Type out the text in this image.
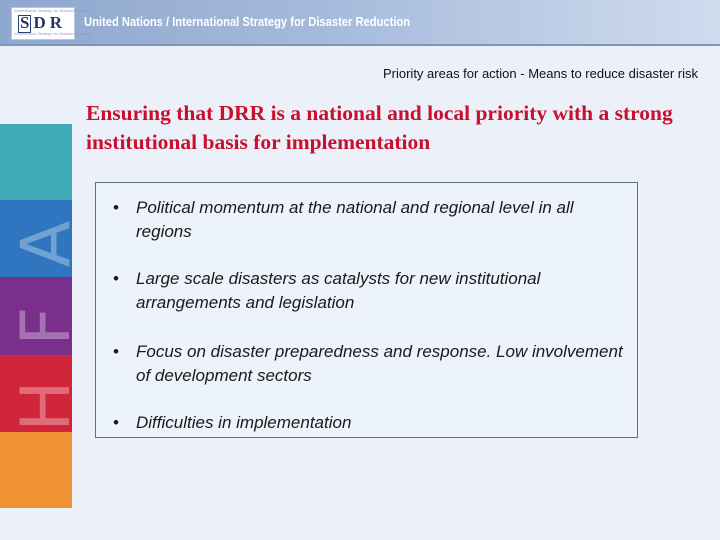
International Strategy for Disaster Reduction
SDR
International Strategy for Disaster Reduction
United Nations / International Strategy for Disaster Reduction
A
F
H
Priority areas for action - Means to reduce disaster risk
Ensuring that DRR is a national and local priority with a strong institutional basis for implementation
• Political momentum at the national and regional level in all regions
• Large scale disasters as catalysts for new institutional arrangements and legislation
• Focus on disaster preparedness and response. Low involvement of development sectors
• Difficulties in implementation
